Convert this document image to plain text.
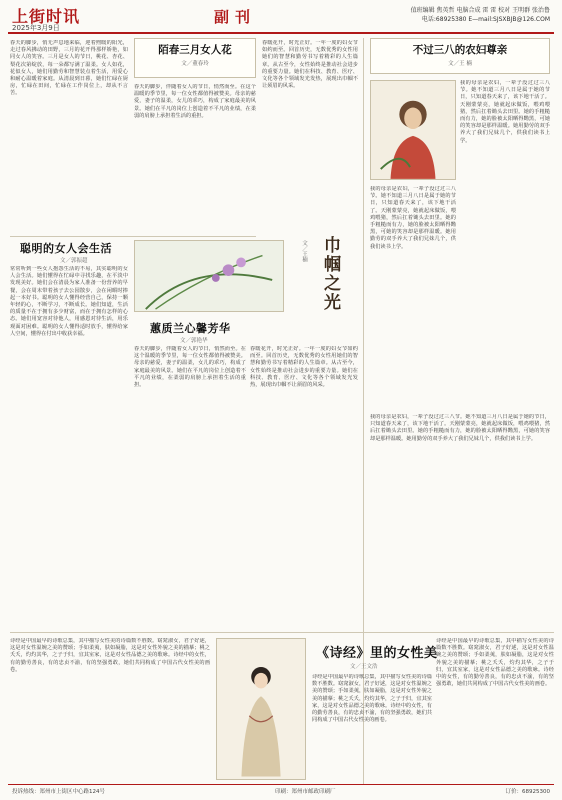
上街时讯
2025年3月9日
副刊	值班编辑 焦英哲 电脑合成 雷 雷 校对 王明群 张治鲁
电话:68925380 E—mail:SJSXBJB@126.COM
春天的脚步，悄无声息地来临，迎着煦暖的阳光，走过春风拂动的田野，三月的花开得那样娇艳，如同女人的笑容。三月是女人的节日，桃花、杏花、梨花次第绽放，每一朵都写满了温柔。女人如花，花似女人，她们用勤劳和智慧装点着生活，用爱心和耐心温暖着家庭。从清晨到日暮，她们忙碌在厨房，忙碌在田间，忙碌在工作岗位上，却从不言苦。
陌春三月女人花
文／董春玲
春天的脚步，伴随着女人的节日，悄然而至。在这个温暖的季节里，每一位女性都值得被赞美。母亲的慈爱，妻子的温柔，女儿的乖巧，构成了家庭最美的风景。她们在平凡的岗位上创造着不平凡的业绩，在柔弱的肩膀上承担着生活的重担。
春暖花开，时光正好。一年一度的妇女节如约而至。回首历史，无数优秀的女性用她们的智慧和勤劳书写着精彩的人生篇章。从古至今，女性始终是推动社会进步的重要力量。她们在科技、教育、医疗、文化等各个领域发光发热，展现出巾帼不让须眉的风采。
不过三八的农妇尊亲
文／王 楠
我的母亲是农妇，一辈子没过过三八节。她不知道三月八日是属于她的节日，只知道春天来了，该下地干活了。天刚蒙蒙亮，她就起床做饭，喂鸡喂猪，然后扛着锄头去田里。她的手粗糙而有力，她的脸被太阳晒得黝黑，可她的笑容却是那样温暖。她用勤劳的双手养大了我们兄妹几个，供我们读书上学。
我的母亲是农妇，一辈子没过过三八节。她不知道三月八日是属于她的节日，只知道春天来了，该下地干活了。天刚蒙蒙亮，她就起床做饭，喂鸡喂猪，然后扛着锄头去田里。她的手粗糙而有力，她的脸被太阳晒得黝黑，可她的笑容却是那样温暖。她用勤劳的双手养大了我们兄妹几个，供我们读书上学。
聪明的女人会生活
文／郭振超
常常听到一些女人抱怨生活的不易，其实聪明的女人会生活。她们懂得在忙碌中寻找乐趣，在平淡中发现美好。她们会在清晨为家人准备一份营养的早餐，会在周末带着孩子去公园散步，会在闲暇时捧起一本好书。聪明的女人懂得经营自己，保持一颗年轻的心，不断学习，不断成长。她们知道，生活的质量不在于拥有多少财富，而在于拥有怎样的心态。她们用宽容对待他人，用感恩对待生活，用乐观面对困难。聪明的女人懂得适时放手，懂得给家人空间，懂得在付出中收获幸福。
巾帼之光
文／王楠
蕙质兰心馨芳华
文／郭艳华
春天的脚步，伴随着女人的节日，悄然而至。在这个温暖的季节里，每一位女性都值得被赞美。母亲的慈爱，妻子的温柔，女儿的乖巧，构成了家庭最美的风景。她们在平凡的岗位上创造着不平凡的业绩，在柔弱的肩膀上承担着生活的重担。
春暖花开，时光正好。一年一度的妇女节如约而至。回首历史，无数优秀的女性用她们的智慧和勤劳书写着精彩的人生篇章。从古至今，女性始终是推动社会进步的重要力量。她们在科技、教育、医疗、文化等各个领域发光发热，展现出巾帼不让须眉的风采。
我的母亲是农妇，一辈子没过过三八节。她不知道三月八日是属于她的节日，只知道春天来了，该下地干活了。天刚蒙蒙亮，她就起床做饭，喂鸡喂猪，然后扛着锄头去田里。她的手粗糙而有力，她的脸被太阳晒得黝黑，可她的笑容却是那样温暖。她用勤劳的双手养大了我们兄妹几个，供我们读书上学。
诗经是中国最早的诗歌总集，其中描写女性美的诗篇数不胜数。窈窕淑女，君子好逑，这是对女性温婉之美的赞颂；手如柔荑，肤如凝脂，这是对女性外貌之美的描摹；桃之夭夭，灼灼其华，之子于归，宜其室家，这是对女性品德之美的歌咏。诗经中的女性，有的勤劳善良，有的忠贞不渝，有的坚强勇敢，她们共同构成了中国古代女性美的画卷。
《诗经》里的女性美
文／王文浩
诗经是中国最早的诗歌总集，其中描写女性美的诗篇数不胜数。窈窕淑女，君子好逑，这是对女性温婉之美的赞颂；手如柔荑，肤如凝脂，这是对女性外貌之美的描摹；桃之夭夭，灼灼其华，之子于归，宜其室家，这是对女性品德之美的歌咏。诗经中的女性，有的勤劳善良，有的忠贞不渝，有的坚强勇敢，她们共同构成了中国古代女性美的画卷。
诗经是中国最早的诗歌总集，其中描写女性美的诗篇数不胜数。窈窕淑女，君子好逑，这是对女性温婉之美的赞颂；手如柔荑，肤如凝脂，这是对女性外貌之美的描摹；桃之夭夭，灼灼其华，之子于归，宜其室家，这是对女性品德之美的歌咏。诗经中的女性，有的勤劳善良，有的忠贞不渝，有的坚强勇敢，她们共同构成了中国古代女性美的画卷。
投诉热线：郑州市上街区中心路124号	印刷：郑州市邮政印刷厂	订价：68925300
